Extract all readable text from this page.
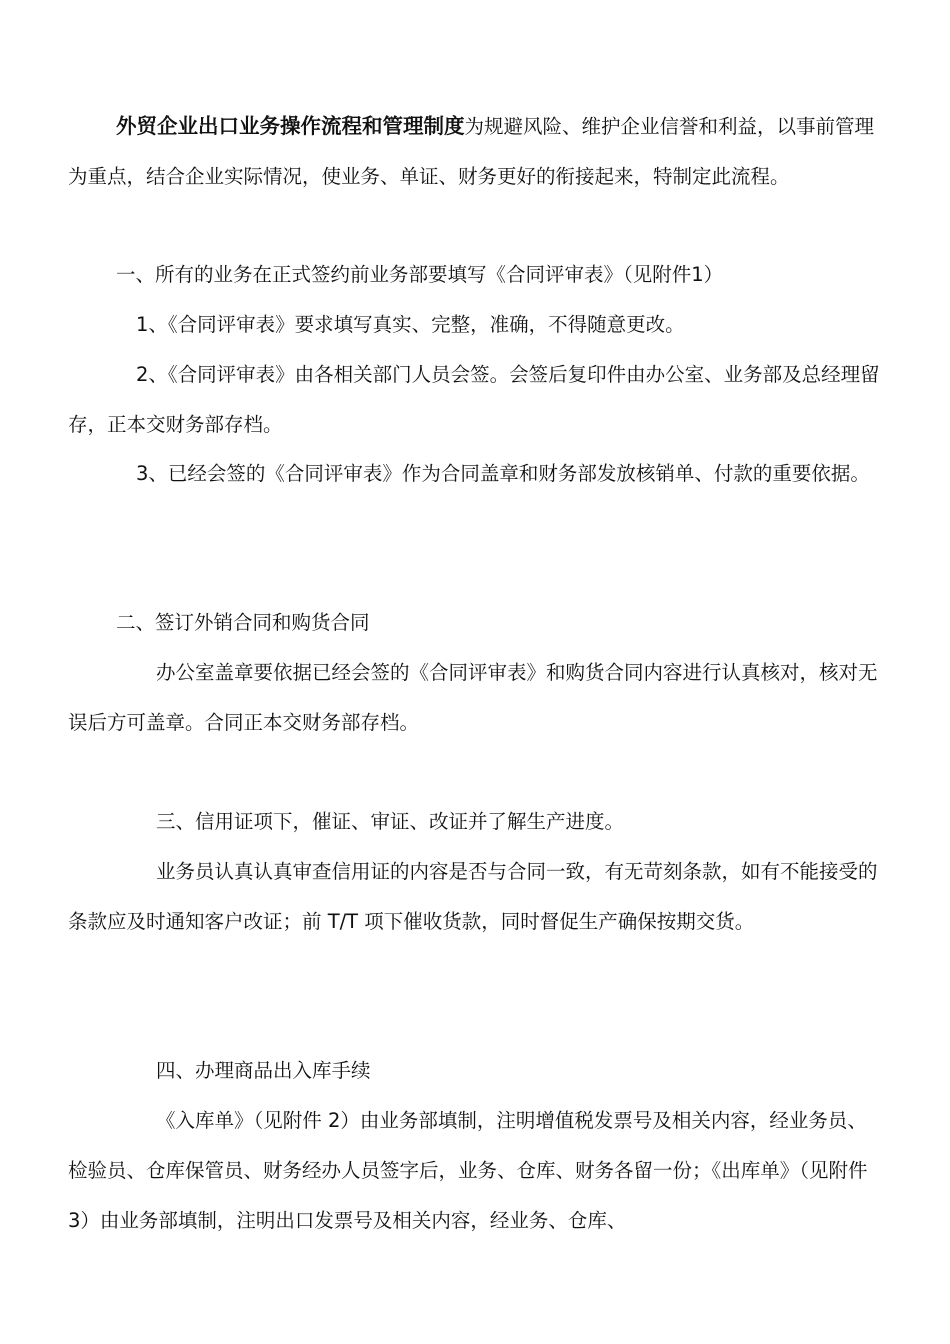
外贸企业出口业务操作流程和管理制度为规避风险、维护企业信誉和利益，以事前管理为重点，结合企业实际情况，使业务、单证、财务更好的衔接起来，特制定此流程。

一、所有的业务在正式签约前业务部要填写《合同评审表》（见附件1）

1、《合同评审表》要求填写真实、完整，准确，不得随意更改。

2、《合同评审表》由各相关部门人员会签。会签后复印件由办公室、业务部及总经理留存，正本交财务部存档。

3、已经会签的《合同评审表》作为合同盖章和财务部发放核销单、付款的重要依据。

二、签订外销合同和购货合同

办公室盖章要依据已经会签的《合同评审表》和购货合同内容进行认真核对，核对无误后方可盖章。合同正本交财务部存档。

三、信用证项下，催证、审证、改证并了解生产进度。

业务员认真认真审查信用证的内容是否与合同一致，有无苛刻条款，如有不能接受的条款应及时通知客户改证；前 T/T 项下催收货款，同时督促生产确保按期交货。

四、办理商品出入库手续

《入库单》（见附件 2）由业务部填制，注明增值税发票号及相关内容，经业务员、检验员、仓库保管员、财务经办人员签字后，业务、仓库、财务各留一份；《出库单》（见附件 3）由业务部填制，注明出口发票号及相关内容，经业务、仓库、
